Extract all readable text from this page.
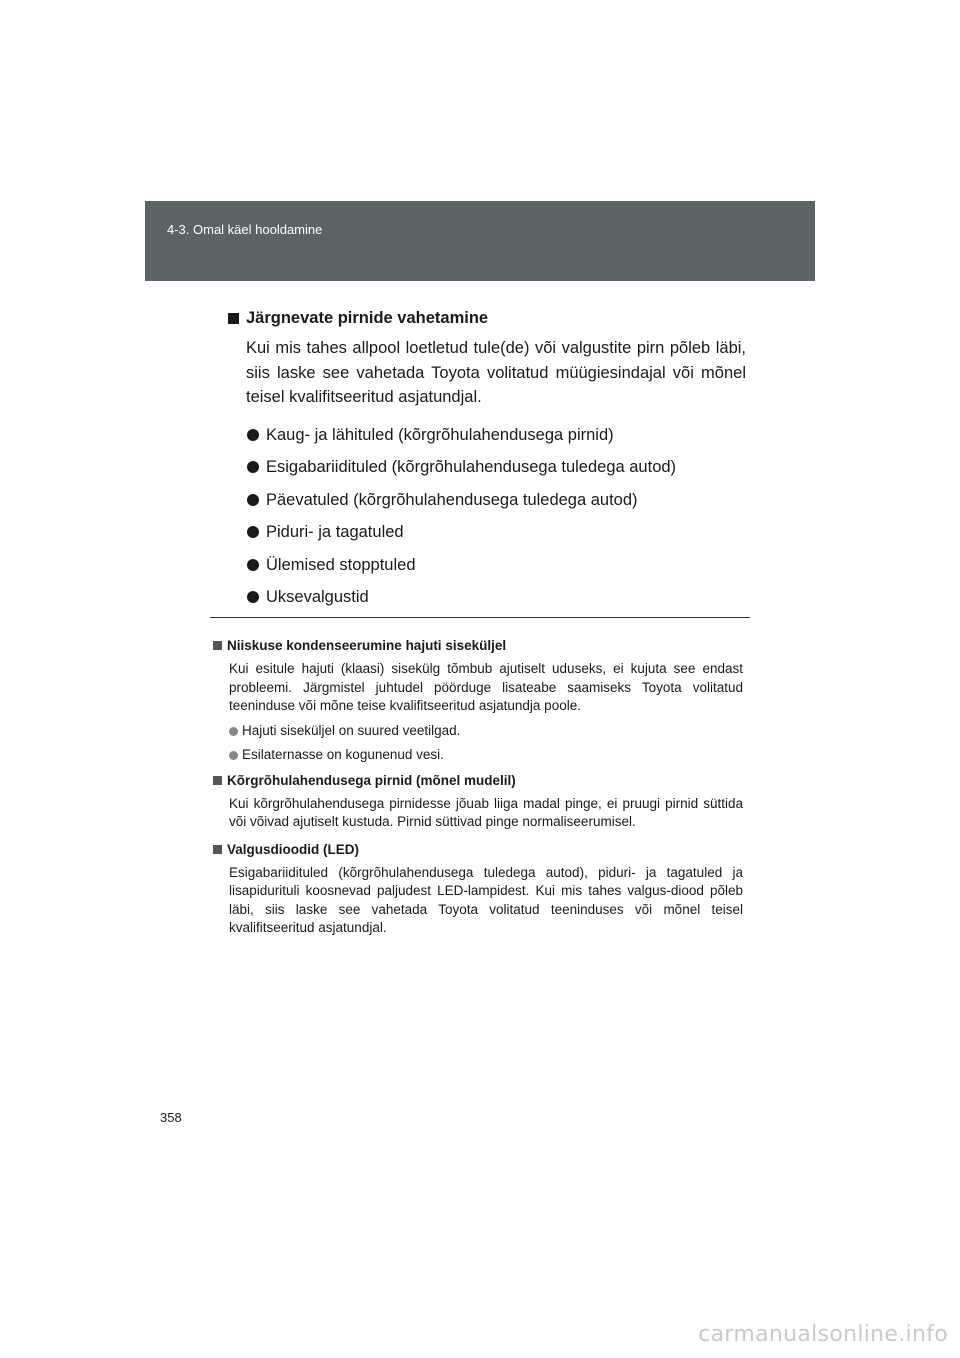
4-3. Omal käel hooldamine
Järgnevate pirnide vahetamine

Kui mis tahes allpool loetletud tule(de) või valgustite pirn põleb läbi, siis laske see vahetada Toyota volitatud müügiesindajal või mõnel teisel kvalifitseeritud asjatundjal.

Kaug- ja lähituled (kõrgrõhulahendusega pirnid)
Esigabariidituled (kõrgrõhulahendusega tuledega autod)
Päevatuled (kõrgrõhulahendusega tuledega autod)
Piduri- ja tagatuled
Ülemised stopptuled
Uksevalgustid
Niiskuse kondenseerumine hajuti siseküljel

Kui esitule hajuti (klaasi) sisekülg tõmbub ajutiselt uduseks, ei kujuta see endast probleemi. Järgmistel juhtudel pöörduge lisateabe saamiseks Toyota volitatud teeninduse või mõne teise kvalifitseeritud asjatundja poole.

Hajuti siseküljel on suured veetilgad.
Esilaternasse on kogunenud vesi.
Kõrgrõhulahendusega pirnid (mõnel mudelil)

Kui kõrgrõhulahendusega pirnidesse jõuab liiga madal pinge, ei pruugi pirnid süttida või võivad ajutiselt kustuda. Pirnid süttivad pinge normaliseerumisel.

Valgusdioodid (LED)

Esigabariidituled (kõrgrõhulahendusega tuledega autod), piduri- ja tagatuled ja lisapidurituli koosnevad paljudest LED-lampidest. Kui mis tahes valgus-diood põleb läbi, siis laske see vahetada Toyota volitatud teeninduses või mõnel teisel kvalifitseeritud asjatundjal.

358
carmanualsonline.info
